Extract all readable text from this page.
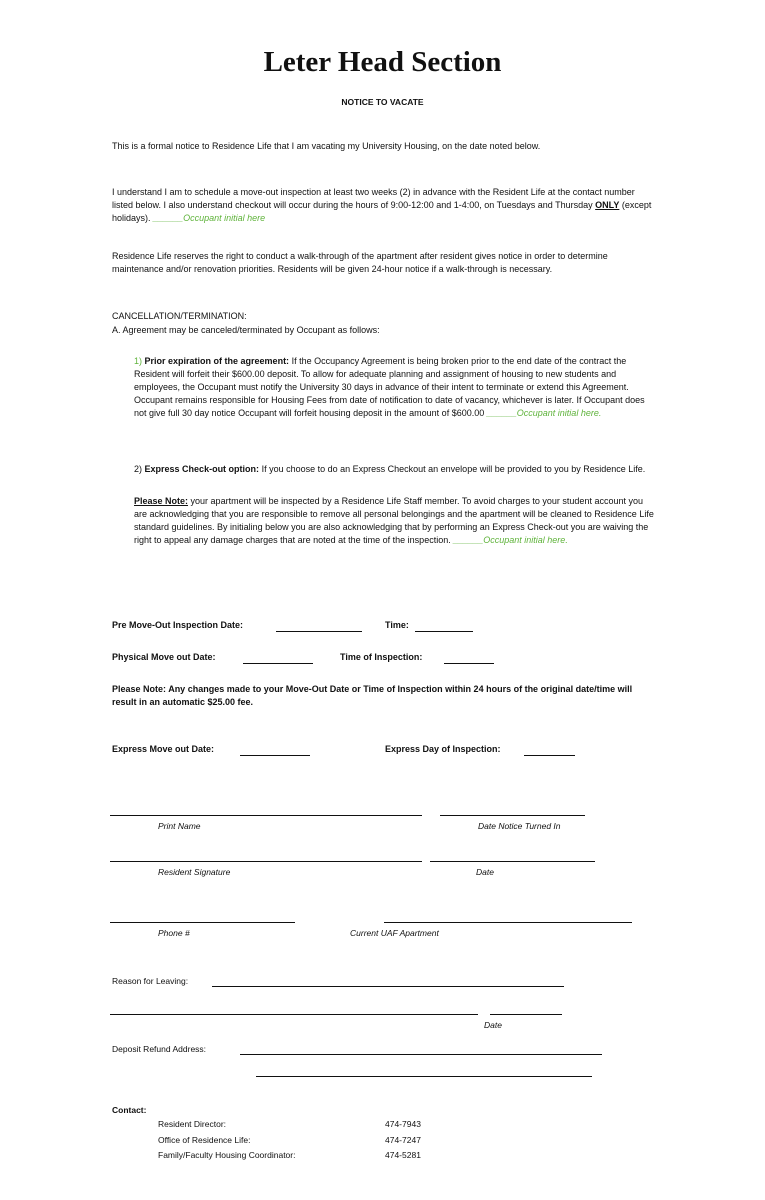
Leter Head Section
NOTICE TO VACATE
This is a formal notice to Residence Life that I am vacating my University Housing, on the date noted below.
I understand I am to schedule a move-out inspection at least two weeks (2) in advance with the Resident Life at the contact number listed below. I also understand checkout will occur during the hours of 9:00-12:00 and 1-4:00, on Tuesdays and Thursday ONLY (except holidays). ______Occupant initial here
Residence Life reserves the right to conduct a walk-through of the apartment after resident gives notice in order to determine maintenance and/or renovation priorities. Residents will be given 24-hour notice if a walk-through is necessary.
CANCELLATION/TERMINATION:
A. Agreement may be canceled/terminated by Occupant as follows:
1) Prior expiration of the agreement: If the Occupancy Agreement is being broken prior to the end date of the contract the Resident will forfeit their $600.00 deposit. To allow for adequate planning and assignment of housing to new students and employees, the Occupant must notify the University 30 days in advance of their intent to terminate or extend this Agreement. Occupant remains responsible for Housing Fees from date of notification to date of vacancy, whichever is later. If Occupant does not give full 30 day notice Occupant will forfeit housing deposit in the amount of $600.00 ______Occupant initial here.
2) Express Check-out option: If you choose to do an Express Checkout an envelope will be provided to you by Residence Life.
Please Note: your apartment will be inspected by a Residence Life Staff member. To avoid charges to your student account you are acknowledging that you are responsible to remove all personal belongings and the apartment will be cleaned to Residence Life standard guidelines. By initialing below you are also acknowledging that by performing an Express Check-out you are waiving the right to appeal any damage charges that are noted at the time of the inspection. ______Occupant initial here.
Pre Move-Out Inspection Date:	Time:
Physical Move out Date:	Time of Inspection:
Please Note: Any changes made to your Move-Out Date or Time of Inspection within 24 hours of the original date/time will result in an automatic $25.00 fee.
Express Move out Date:	Express Day of Inspection:
Print Name	Date Notice Turned In
Resident Signature	Date
Phone #	Current UAF Apartment
Reason for Leaving:
Date
Deposit Refund Address:
Contact:
Resident Director:	474-7943
Office of Residence Life:	474-7247
Family/Faculty Housing Coordinator:	474-5281
